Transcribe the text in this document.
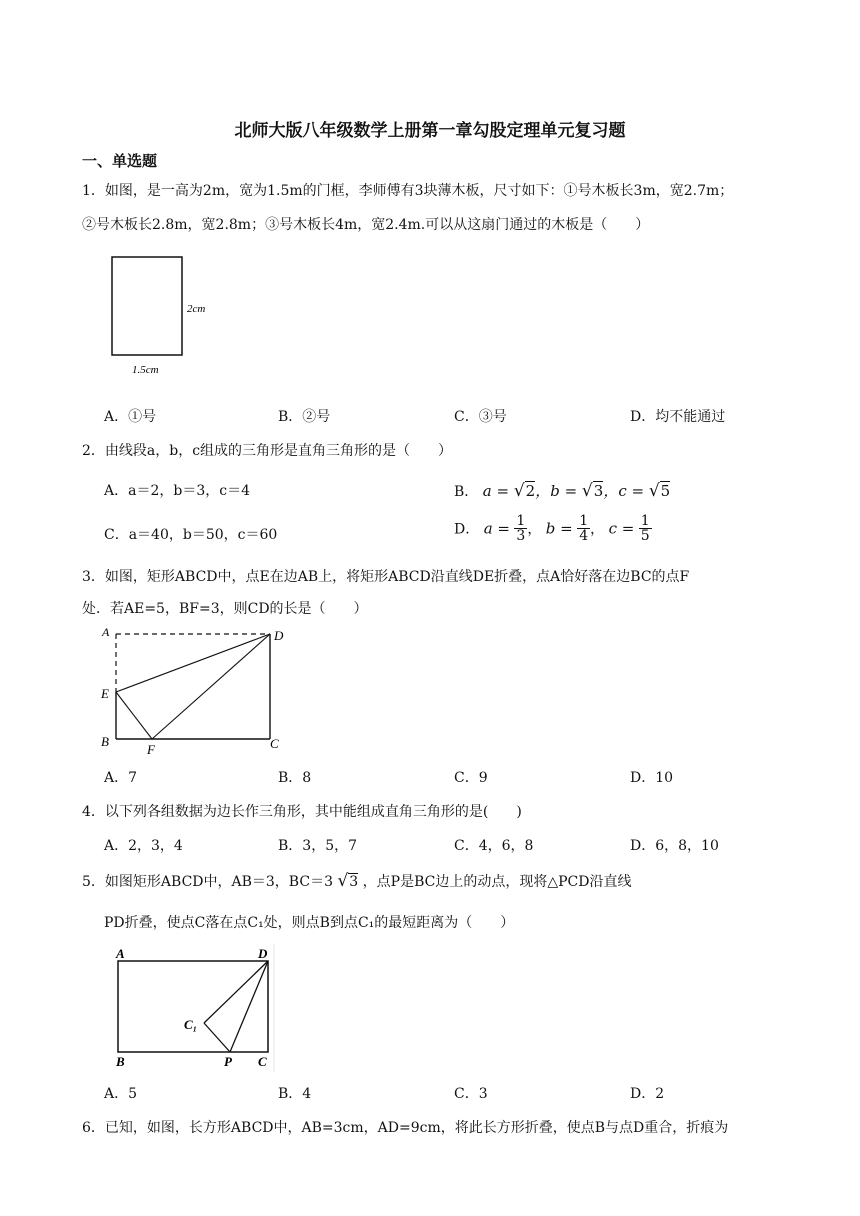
北师大版八年级数学上册第一章勾股定理单元复习题
一、单选题
1．如图，是一高为2m，宽为1.5m的门框，李师傅有3块薄木板，尺寸如下：①号木板长3m，宽2.7m；
②号木板长2.8m，宽2.8m；③号木板长4m，宽2.4m.可以从这扇门通过的木板是（　　）
2cm
1.5cm
A．①号	B．②号	C．③号	D．均不能通过
2．由线段a，b，c组成的三角形是直角三角形的是（　　）
A．a＝2，b＝3，c＝4	B． a = √2，b = √3，c = √5
C．a＝40，b＝50，c＝60	D． $a = \frac{1}{3}$ ， $b = \frac{1}{4}$ ， $c = \frac{1}{5}$
3．如图，矩形ABCD中，点E在边AB上，将矩形ABCD沿直线DE折叠，点A恰好落在边BC的点F
处．若AE=5，BF=3，则CD的长是（　　）
A	D
E
B
F	C
A．7	B．8	C．9	D．10
4．以下列各组数据为边长作三角形，其中能组成直角三角形的是(　　)
A．2，3，4	B．3，5，7	C．4，6，8	D．6，8，10
5．如图矩形ABCD中，AB＝3，BC＝3 √3 ，点P是BC边上的动点，现将△PCD沿直线
PD折叠，使点C落在点C₁处，则点B到点C₁的最短距离为（　　）
A	D
C₁
B	P C
A．5	B．4	C．3	D．2
6．已知，如图，长方形ABCD中，AB=3cm，AD=9cm，将此长方形折叠，使点B与点D重合，折痕为
